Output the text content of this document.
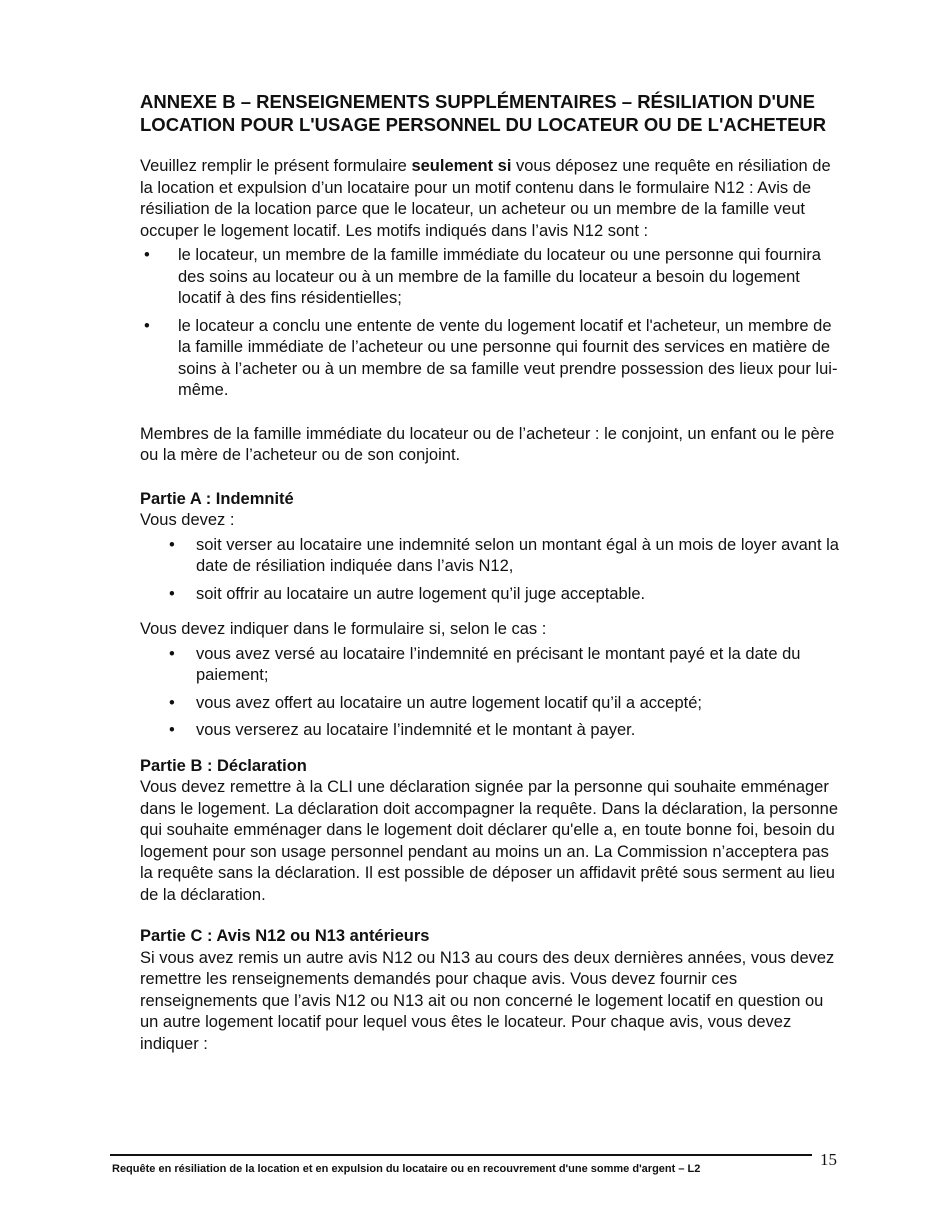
ANNEXE B – RENSEIGNEMENTS SUPPLÉMENTAIRES – RÉSILIATION D'UNE LOCATION POUR L'USAGE PERSONNEL DU LOCATEUR OU DE L'ACHETEUR

Veuillez remplir le présent formulaire seulement si vous déposez une requête en résiliation de la location et expulsion d’un locataire pour un motif contenu dans le formulaire N12 : Avis de résiliation de la location parce que le locateur, un acheteur ou un membre de la famille veut occuper le logement locatif. Les motifs indiqués dans l’avis N12 sont :

• le locateur, un membre de la famille immédiate du locateur ou une personne qui fournira des soins au locateur ou à un membre de la famille du locateur a besoin du logement locatif à des fins résidentielles;
• le locateur a conclu une entente de vente du logement locatif et l'acheteur, un membre de la famille immédiate de l’acheteur ou une personne qui fournit des services en matière de soins à l’acheter ou à un membre de sa famille veut prendre possession des lieux pour lui-même.

Membres de la famille immédiate du locateur ou de l’acheteur : le conjoint, un enfant ou le père ou la mère de l’acheteur ou de son conjoint.

Partie A : Indemnité

Vous devez :

• soit verser au locataire une indemnité selon un montant égal à un mois de loyer avant la date de résiliation indiquée dans l’avis N12,
• soit offrir au locataire un autre logement qu’il juge acceptable.

Vous devez indiquer dans le formulaire si, selon le cas :

• vous avez versé au locataire l’indemnité en précisant le montant payé et la date du paiement;
• vous avez offert au locataire un autre logement locatif qu’il a accepté;
• vous verserez au locataire l’indemnité et le montant à payer.

Partie B : Déclaration

Vous devez remettre à la CLI une déclaration signée par la personne qui souhaite emménager dans le logement. La déclaration doit accompagner la requête. Dans la déclaration, la personne qui souhaite emménager dans le logement doit déclarer qu'elle a, en toute bonne foi, besoin du logement pour son usage personnel pendant au moins un an. La Commission n’acceptera pas la requête sans la déclaration. Il est possible de déposer un affidavit prêté sous serment au lieu de la déclaration.

Partie C : Avis N12 ou N13 antérieurs

Si vous avez remis un autre avis N12 ou N13 au cours des deux dernières années, vous devez remettre les renseignements demandés pour chaque avis. Vous devez fournir ces renseignements que l’avis N12 ou N13 ait ou non concerné le logement locatif en question ou un autre logement locatif pour lequel vous êtes le locateur. Pour chaque avis, vous devez indiquer :

Requête en résiliation de la location et en expulsion du locataire ou en recouvrement d'une somme d'argent – L2	15
